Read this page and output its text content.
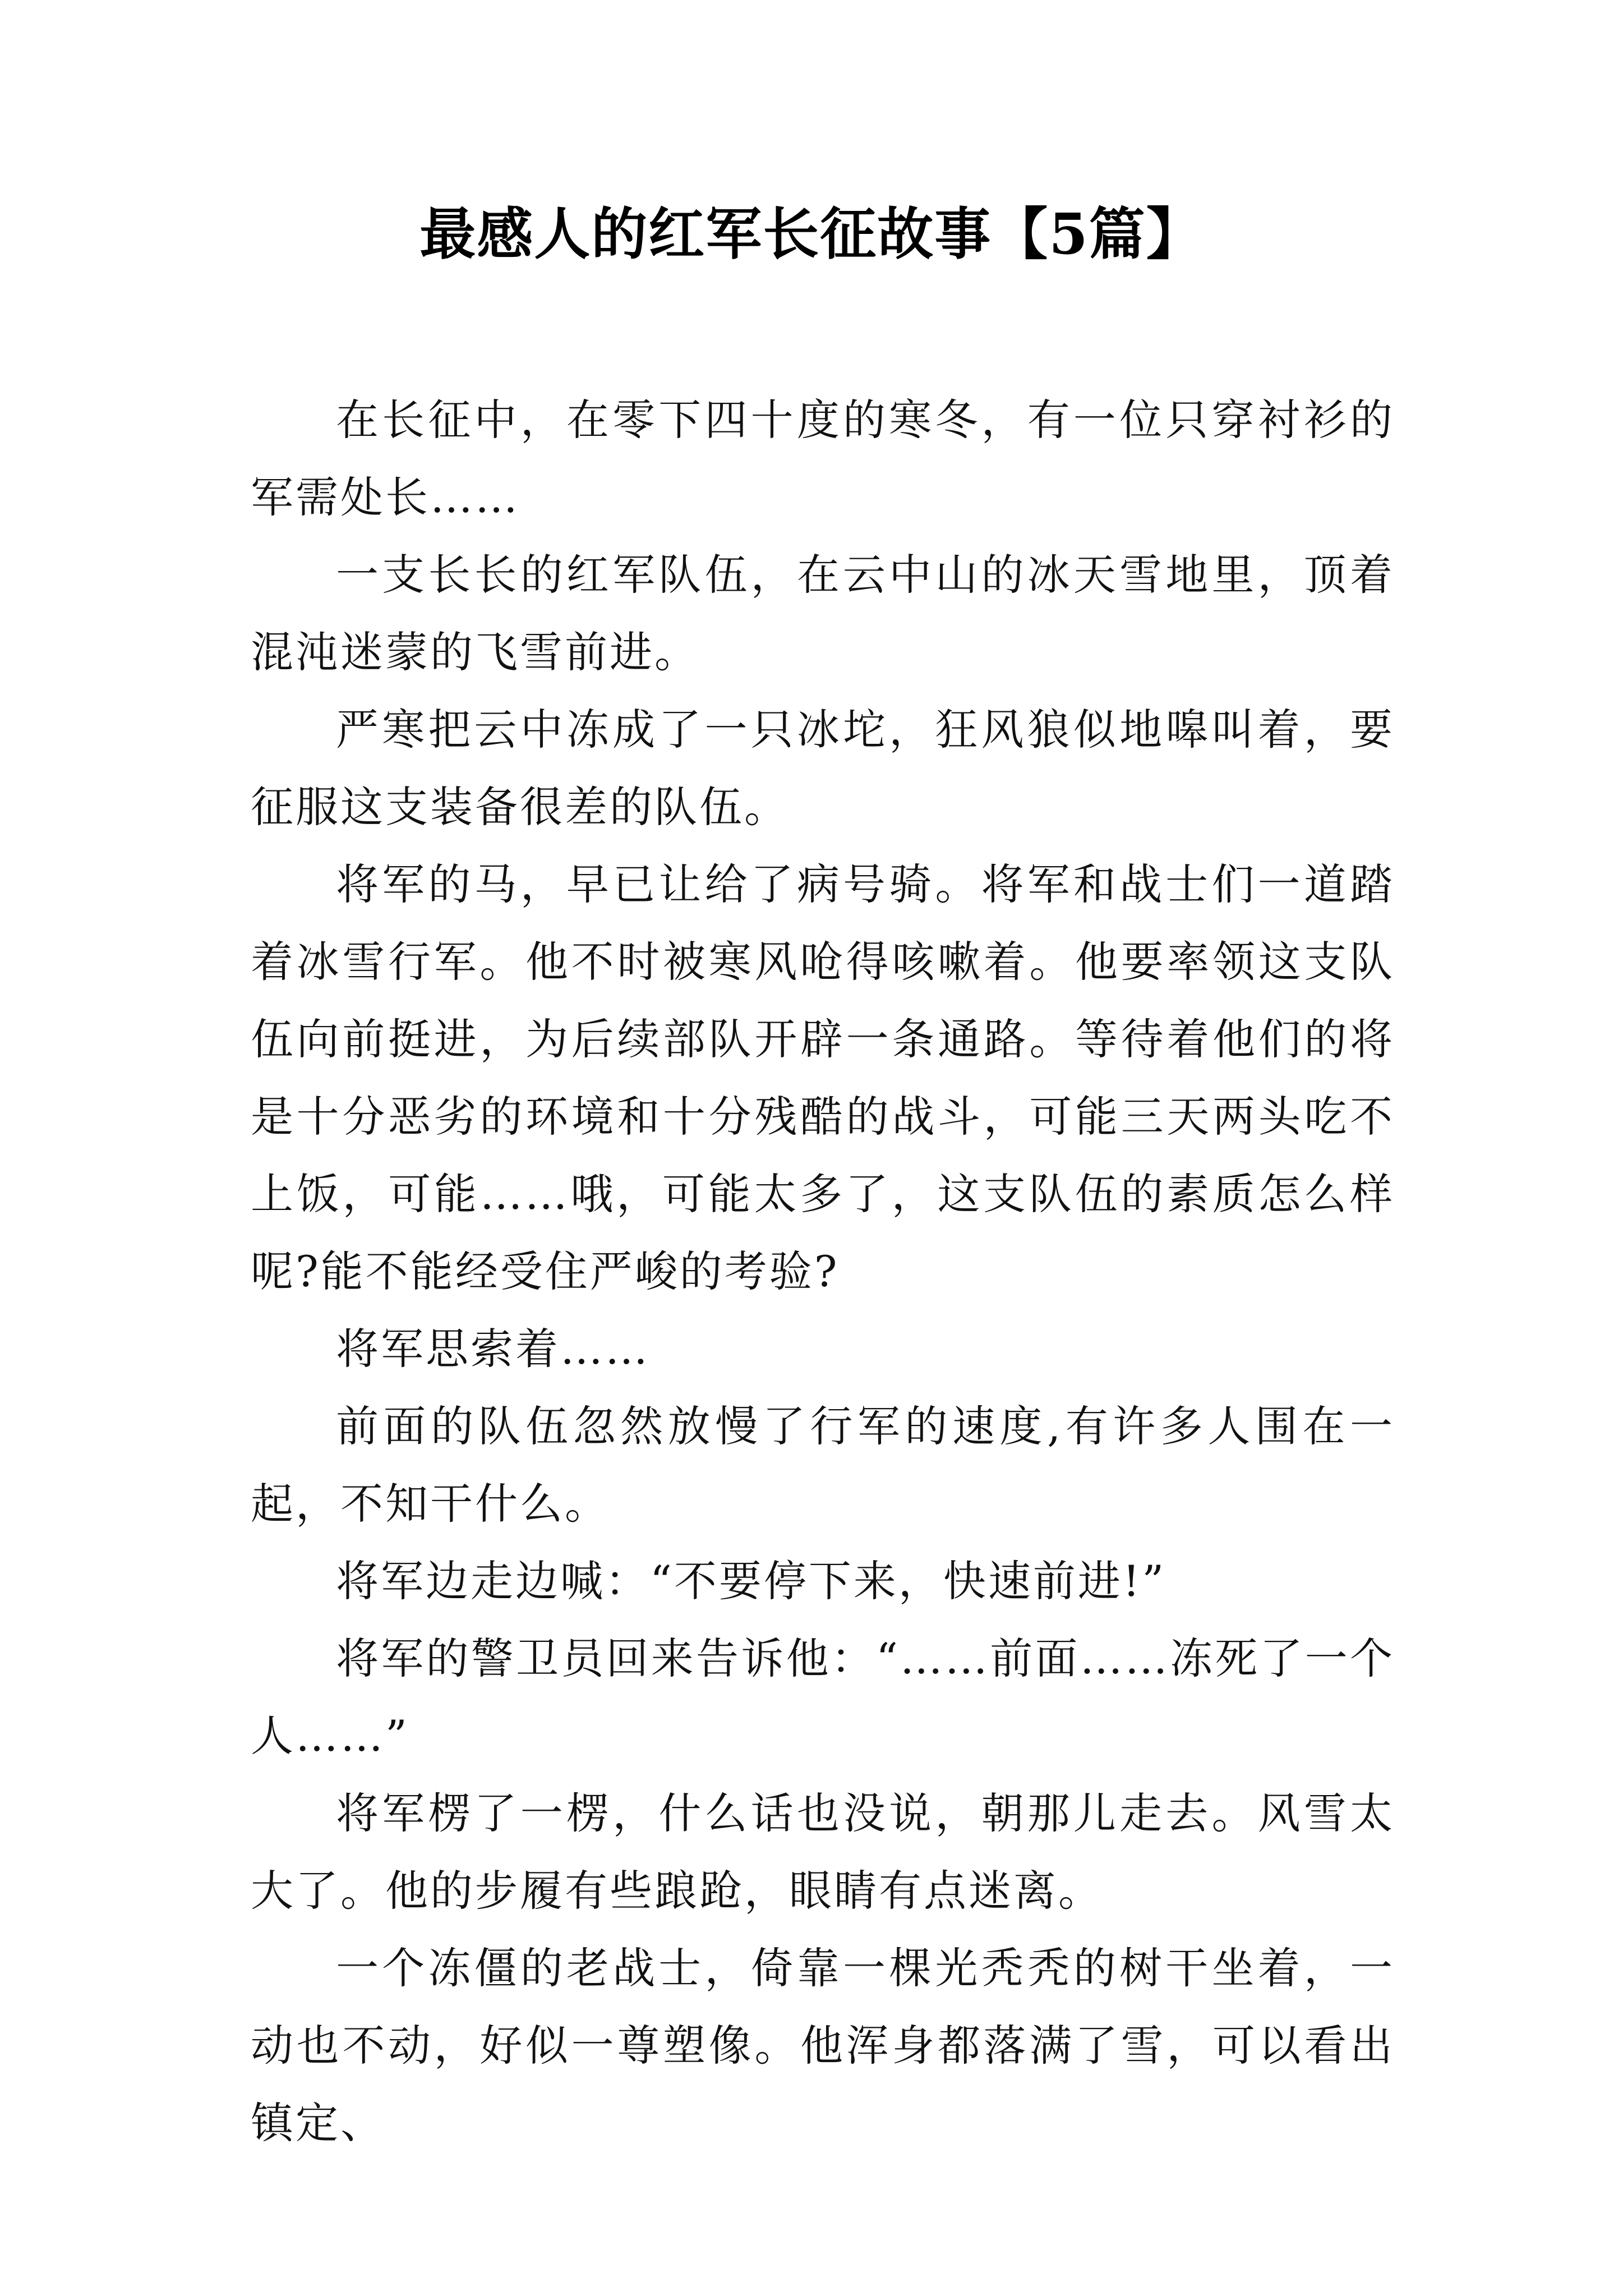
最感人的红军长征故事【5篇】

在长征中，在零下四十度的寒冬，有一位只穿衬衫的军需处长……

一支长长的红军队伍，在云中山的冰天雪地里，顶着混沌迷蒙的飞雪前进。

严寒把云中冻成了一只冰坨，狂风狼似地嗥叫着，要征服这支装备很差的队伍。

将军的马，早已让给了病号骑。将军和战士们一道踏着冰雪行军。他不时被寒风呛得咳嗽着。他要率领这支队伍向前挺进，为后续部队开辟一条通路。等待着他们的将是十分恶劣的环境和十分残酷的战斗，可能三天两头吃不上饭，可能……哦，可能太多了，这支队伍的素质怎么样呢?能不能经受住严峻的考验?

将军思索着……

前面的队伍忽然放慢了行军的速度,有许多人围在一起，不知干什么。

将军边走边喊：“不要停下来，快速前进!”

将军的警卫员回来告诉他：“……前面……冻死了一个人……”

将军楞了一楞，什么话也没说，朝那儿走去。风雪太大了。他的步履有些踉跄，眼睛有点迷离。

一个冻僵的老战士，倚靠一棵光秃秃的树干坐着，一动也不动，好似一尊塑像。他浑身都落满了雪，可以看出镇定、
